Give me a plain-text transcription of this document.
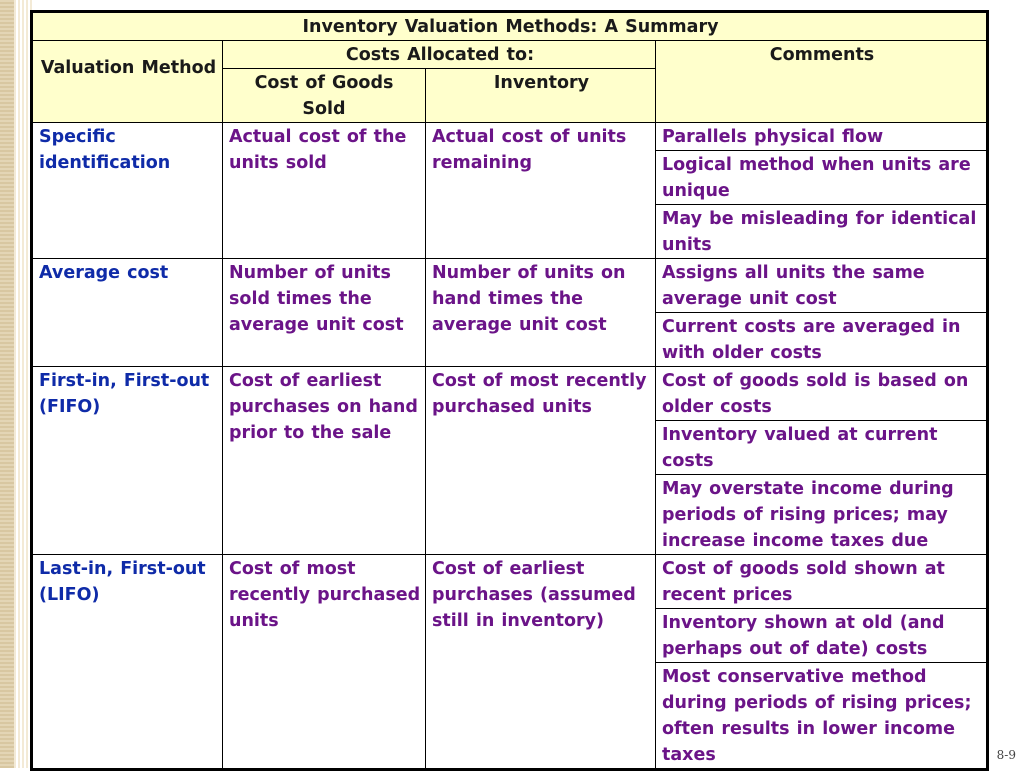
Inventory Valuation Methods: A Summary			
Valuation Method	Costs Allocated to:		Comments
	Cost of Goods Sold	Inventory	
Specific identification	Actual cost of the units sold	Actual cost of units remaining	Parallels physical flow
			Logical method when units are unique
			May be misleading for identical units
Average cost	Number of units sold times the average unit cost	Number of units on hand times the average unit cost	Assigns all units the same average unit cost
			Current costs are averaged in with older costs
First-in, First-out (FIFO)	Cost of earliest purchases on hand prior to the sale	Cost of most recently purchased units	Cost of goods sold is based on older costs
			Inventory valued at current costs
			May overstate income during periods of rising prices; may increase income taxes due
Last-in, First-out (LIFO)	Cost of most recently purchased units	Cost of earliest purchases (assumed still in inventory)	Cost of goods sold shown at recent prices
			Inventory shown at old (and perhaps out of date) costs
			Most conservative method during periods of rising prices; often results in lower income taxes	8-9
